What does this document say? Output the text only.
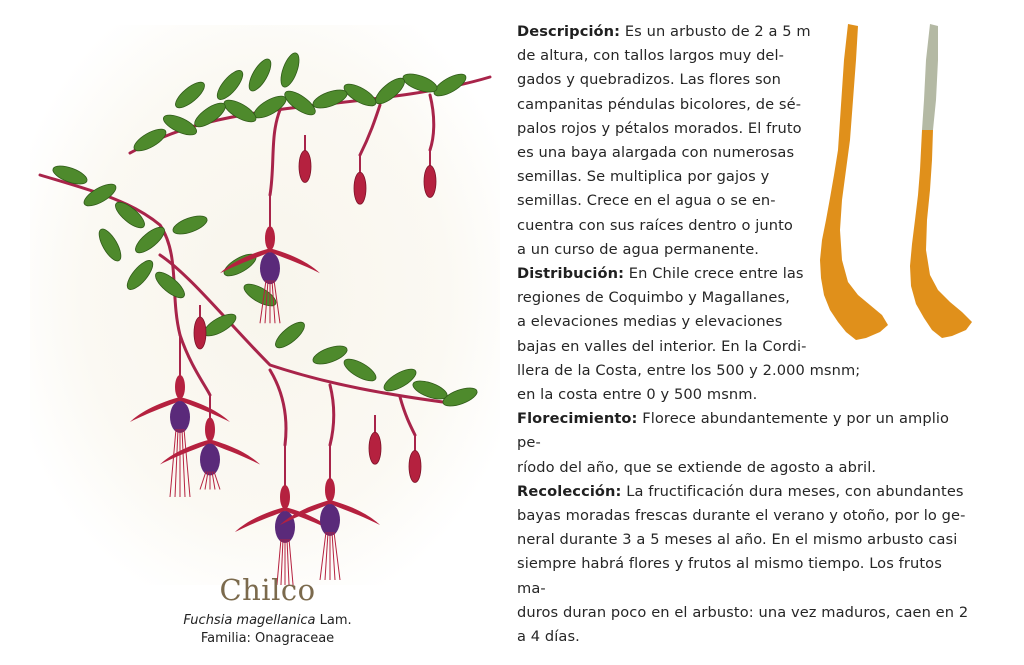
Chilco
Fuchsia magellanica Lam.
Familia: Onagraceae

Descripción: Es un arbusto de 2 a 5 m
de altura, con tallos largos muy del-
gados y quebradizos. Las flores son
campanitas péndulas bicolores, de sé-
palos rojos y pétalos morados. El fruto
es una baya alargada con numerosas
semillas. Se multiplica por gajos y
semillas. Crece en el agua o se en-
cuentra con sus raíces dentro o junto
a un curso de agua permanente.

Distribución: En Chile crece entre las
regiones de Coquimbo y Magallanes,
a elevaciones medias y elevaciones
bajas en valles del interior. En la Cordi-
llera de la Costa, entre los 500 y 2.000 msnm;
en la costa entre 0 y 500 msnm.

Florecimiento: Florece abundantemente y por un amplio pe-
ríodo del año, que se extiende de agosto a abril.

Recolección: La fructificación dura meses, con abundantes
bayas moradas frescas durante el verano y otoño, por lo ge-
neral durante 3 a 5 meses al año. En el mismo arbusto casi
siempre habrá flores y frutos al mismo tiempo. Los frutos ma-
duros duran poco en el arbusto: una vez maduros, caen en 2
a 4 días.
